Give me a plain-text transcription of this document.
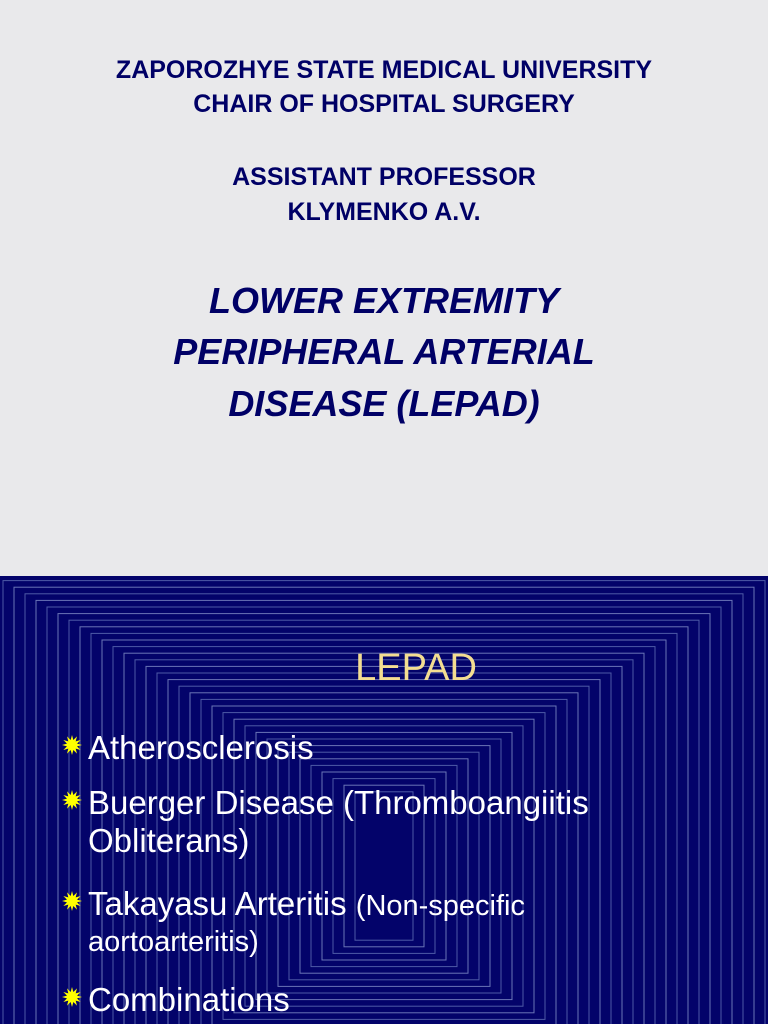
ZAPOROZHYE STATE MEDICAL UNIVERSITY
CHAIR OF HOSPITAL SURGERY
ASSISTANT PROFESSOR
KLYMENKO A.V.
LOWER EXTREMITY
PERIPHERAL ARTERIAL
DISEASE (LEPAD)
LEPAD
Atherosclerosis
Buerger Disease (Thromboangiitis
Obliterans)
Takayasu Arteritis (Non-specific
aortoarteritis)
Combinations
